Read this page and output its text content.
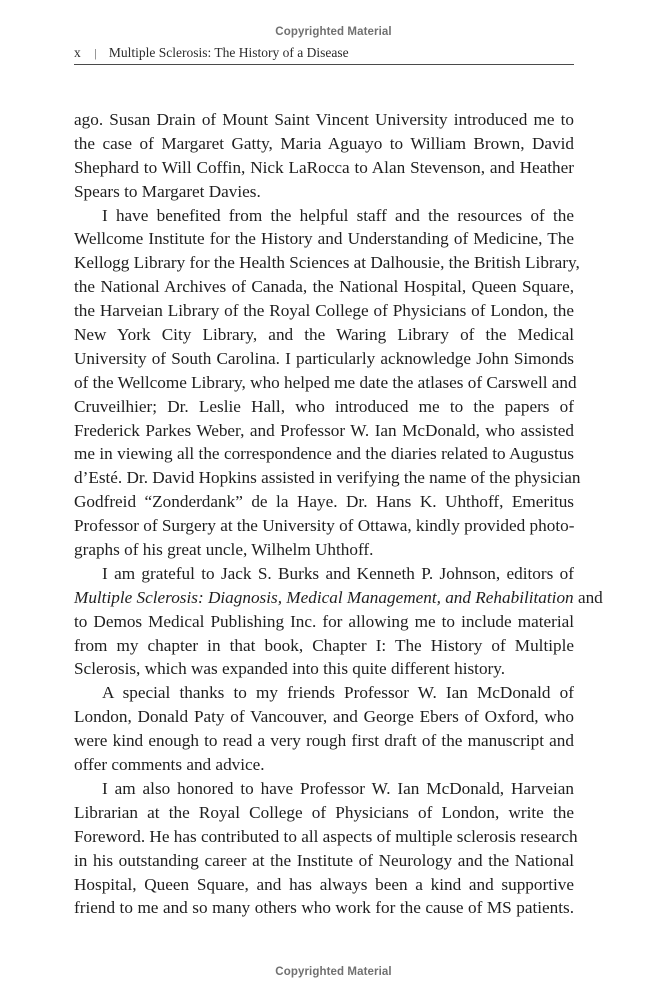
Copyrighted Material
x | Multiple Sclerosis: The History of a Disease
ago. Susan Drain of Mount Saint Vincent University introduced me to
the case of Margaret Gatty, Maria Aguayo to William Brown, David
Shephard to Will Coffin, Nick LaRocca to Alan Stevenson, and Heather
Spears to Margaret Davies.
I have benefited from the helpful staff and the resources of the
Wellcome Institute for the History and Understanding of Medicine, The
Kellogg Library for the Health Sciences at Dalhousie, the British Library,
the National Archives of Canada, the National Hospital, Queen Square,
the Harveian Library of the Royal College of Physicians of London, the
New York City Library, and the Waring Library of the Medical
University of South Carolina. I particularly acknowledge John Simonds
of the Wellcome Library, who helped me date the atlases of Carswell and
Cruveilhier; Dr. Leslie Hall, who introduced me to the papers of
Frederick Parkes Weber, and Professor W. Ian McDonald, who assisted
me in viewing all the correspondence and the diaries related to Augustus
d’Esté. Dr. David Hopkins assisted in verifying the name of the physician
Godfreid “Zonderdank” de la Haye. Dr. Hans K. Uhthoff, Emeritus
Professor of Surgery at the University of Ottawa, kindly provided photo-
graphs of his great uncle, Wilhelm Uhthoff.
I am grateful to Jack S. Burks and Kenneth P. Johnson, editors of
Multiple Sclerosis: Diagnosis, Medical Management, and Rehabilitation and
to Demos Medical Publishing Inc. for allowing me to include material
from my chapter in that book, Chapter I: The History of Multiple
Sclerosis, which was expanded into this quite different history.
A special thanks to my friends Professor W. Ian McDonald of
London, Donald Paty of Vancouver, and George Ebers of Oxford, who
were kind enough to read a very rough first draft of the manuscript and
offer comments and advice.
I am also honored to have Professor W. Ian McDonald, Harveian
Librarian at the Royal College of Physicians of London, write the
Foreword. He has contributed to all aspects of multiple sclerosis research
in his outstanding career at the Institute of Neurology and the National
Hospital, Queen Square, and has always been a kind and supportive
friend to me and so many others who work for the cause of MS patients.
Copyrighted Material
